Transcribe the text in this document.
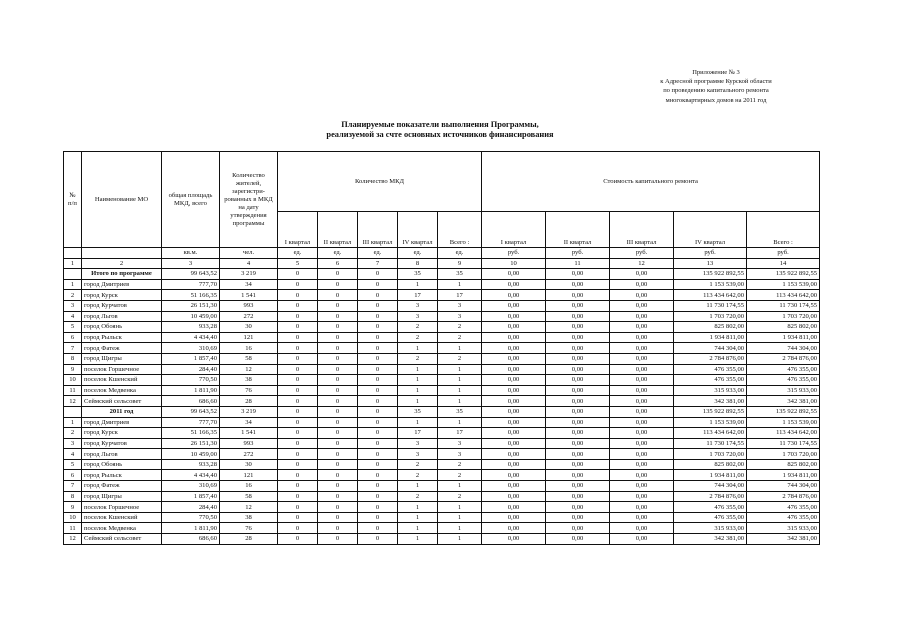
Приложение № 3
к Адресной программе Курской области
по проведению капитального ремонта
многоквартирных домов на 2011 год
Планируемые показатели выполнения Программы,
реализуемой за счте основных источников финансирования
№ п/п	Наименование МО	общая площадь МКД, всего	Количество жителей, зарегистри-рованных в МКД на дату утверждения программы	Количество МКД					Стоимость капитального ремонта				
				I квартал	II квартал	III квартал	IV квартал	Всего :	I квартал	II квартал	III квартал	IV квартал	Всего :
		кв.м.	чел.	ед.	ед.	ед.	ед.	ед.	руб.	руб.	руб.	руб.	руб.
1	2	3	4	5	6	7	8	9	10	11	12	13	14
	Итого по программе	99 643,52	3 219	0	0	0	35	35	0,00	0,00	0,00	135 922 892,55	135 922 892,55
1	город Дмитриев	777,70	34	0	0	0	1	1	0,00	0,00	0,00	1 153 539,00	1 153 539,00
2	город Курск	51 166,35	1 541	0	0	0	17	17	0,00	0,00	0,00	113 434 642,00	113 434 642,00
3	город Курчатов	26 151,30	993	0	0	0	3	3	0,00	0,00	0,00	11 730 174,55	11 730 174,55
4	город Льгов	10 459,00	272	0	0	0	3	3	0,00	0,00	0,00	1 703 720,00	1 703 720,00
5	город Обоянь	933,28	30	0	0	0	2	2	0,00	0,00	0,00	825 802,00	825 802,00
6	город Рыльск	4 434,40	121	0	0	0	2	2	0,00	0,00	0,00	1 934 811,00	1 934 811,00
7	город Фатеж	310,69	16	0	0	0	1	1	0,00	0,00	0,00	744 304,00	744 304,00
8	город Щигры	1 857,40	58	0	0	0	2	2	0,00	0,00	0,00	2 784 876,00	2 784 876,00
9	поселок Горшечное	284,40	12	0	0	0	1	1	0,00	0,00	0,00	476 355,00	476 355,00
10	поселок Кшенский	770,50	38	0	0	0	1	1	0,00	0,00	0,00	476 355,00	476 355,00
11	поселок Медвенка	1 811,90	76	0	0	0	1	1	0,00	0,00	0,00	315 933,00	315 933,00
12	Сеймский сельсовет	686,60	28	0	0	0	1	1	0,00	0,00	0,00	342 381,00	342 381,00
	2011 год	99 643,52	3 219	0	0	0	35	35	0,00	0,00	0,00	135 922 892,55	135 922 892,55
1	город Дмитриев	777,70	34	0	0	0	1	1	0,00	0,00	0,00	1 153 539,00	1 153 539,00
2	город Курск	51 166,35	1 541	0	0	0	17	17	0,00	0,00	0,00	113 434 642,00	113 434 642,00
3	город Курчатов	26 151,30	993	0	0	0	3	3	0,00	0,00	0,00	11 730 174,55	11 730 174,55
4	город Льгов	10 459,00	272	0	0	0	3	3	0,00	0,00	0,00	1 703 720,00	1 703 720,00
5	город Обоянь	933,28	30	0	0	0	2	2	0,00	0,00	0,00	825 802,00	825 802,00
6	город Рыльск	4 434,40	121	0	0	0	2	2	0,00	0,00	0,00	1 934 811,00	1 934 811,00
7	город Фатеж	310,69	16	0	0	0	1	1	0,00	0,00	0,00	744 304,00	744 304,00
8	город Щигры	1 857,40	58	0	0	0	2	2	0,00	0,00	0,00	2 784 876,00	2 784 876,00
9	поселок Горшечное	284,40	12	0	0	0	1	1	0,00	0,00	0,00	476 355,00	476 355,00
10	поселок Кшенский	770,50	38	0	0	0	1	1	0,00	0,00	0,00	476 355,00	476 355,00
11	поселок Медвенка	1 811,90	76	0	0	0	1	1	0,00	0,00	0,00	315 933,00	315 933,00
12	Сеймский сельсовет	686,60	28	0	0	0	1	1	0,00	0,00	0,00	342 381,00	342 381,00
